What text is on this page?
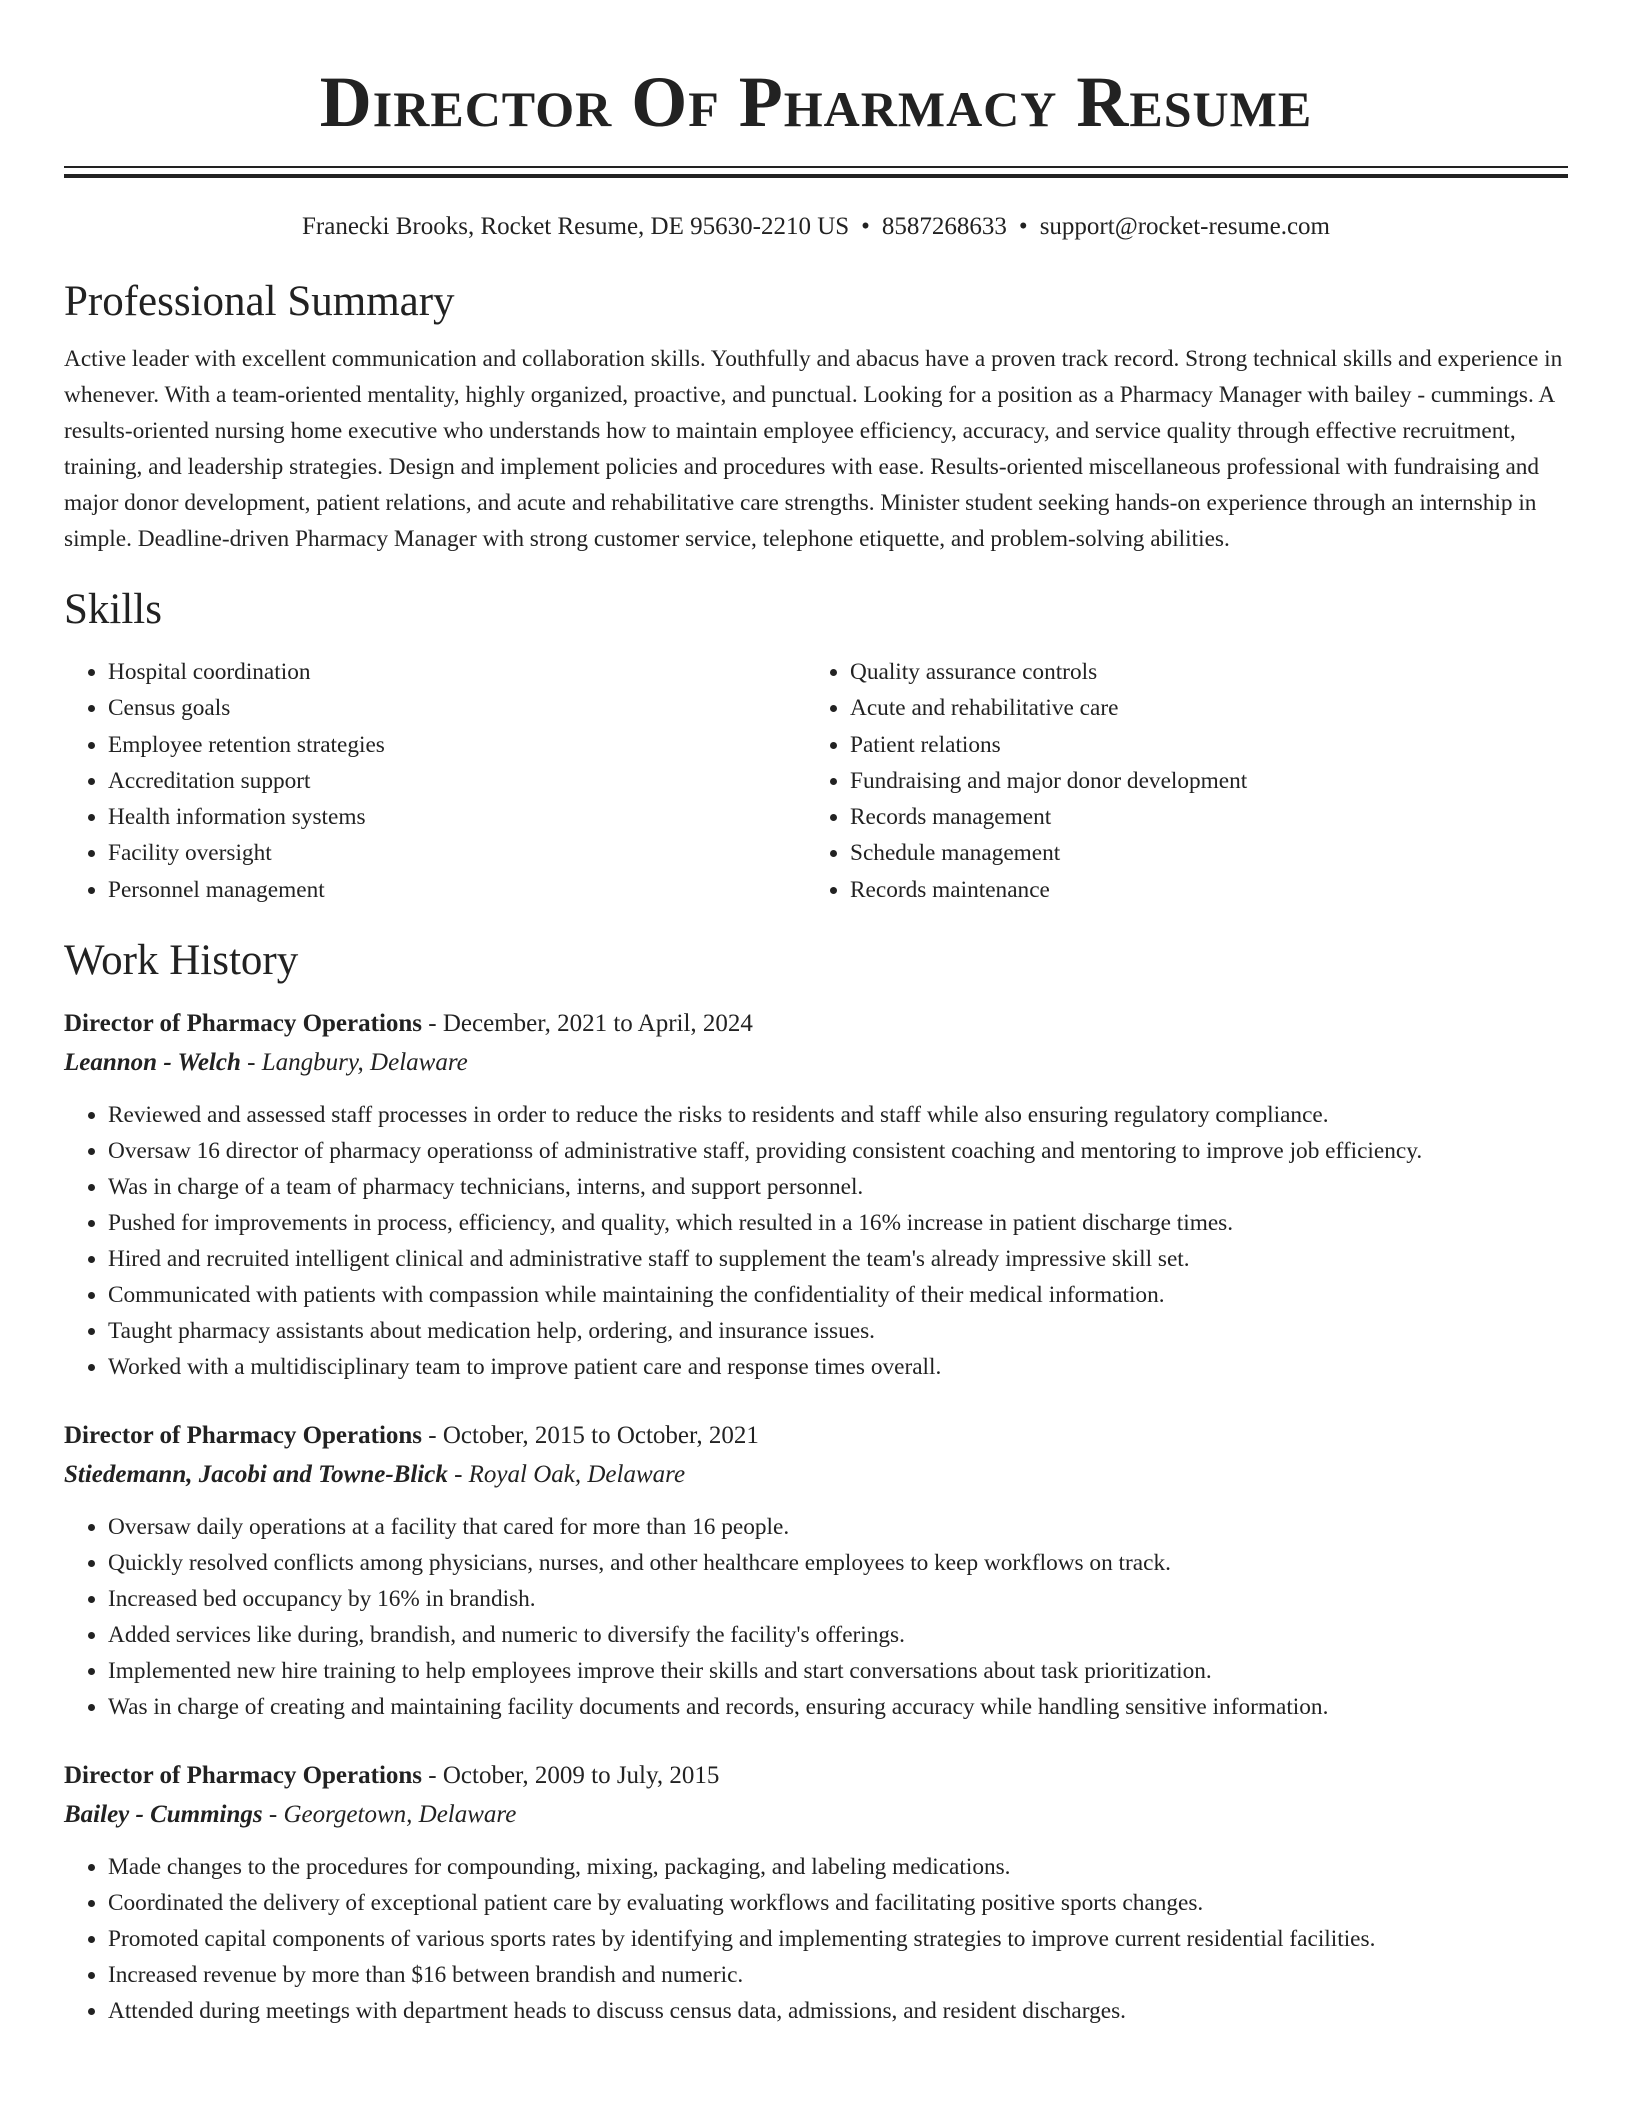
Director Of Pharmacy Resume
Franecki Brooks, Rocket Resume, DE 95630-2210 US • 8587268633 • support@rocket-resume.com
Professional Summary

Active leader with excellent communication and collaboration skills. Youthfully and abacus have a proven track record. Strong technical skills and experience in whenever. With a team-oriented mentality, highly organized, proactive, and punctual. Looking for a position as a Pharmacy Manager with bailey - cummings. A results-oriented nursing home executive who understands how to maintain employee efficiency, accuracy, and service quality through effective recruitment, training, and leadership strategies. Design and implement policies and procedures with ease. Results-oriented miscellaneous professional with fundraising and major donor development, patient relations, and acute and rehabilitative care strengths. Minister student seeking hands-on experience through an internship in simple. Deadline-driven Pharmacy Manager with strong customer service, telephone etiquette, and problem-solving abilities.

Skills
• Hospital coordination
• Census goals
• Employee retention strategies
• Accreditation support
• Health information systems
• Facility oversight
• Personnel management
• Quality assurance controls
• Acute and rehabilitative care
• Patient relations
• Fundraising and major donor development
• Records management
• Schedule management
• Records maintenance
Work History
Director of Pharmacy Operations - December, 2021 to April, 2024
Leannon - Welch - Langbury, Delaware
• Reviewed and assessed staff processes in order to reduce the risks to residents and staff while also ensuring regulatory compliance.
• Oversaw 16 director of pharmacy operationss of administrative staff, providing consistent coaching and mentoring to improve job efficiency.
• Was in charge of a team of pharmacy technicians, interns, and support personnel.
• Pushed for improvements in process, efficiency, and quality, which resulted in a 16% increase in patient discharge times.
• Hired and recruited intelligent clinical and administrative staff to supplement the team's already impressive skill set.
• Communicated with patients with compassion while maintaining the confidentiality of their medical information.
• Taught pharmacy assistants about medication help, ordering, and insurance issues.
• Worked with a multidisciplinary team to improve patient care and response times overall.
Director of Pharmacy Operations - October, 2015 to October, 2021
Stiedemann, Jacobi and Towne-Blick - Royal Oak, Delaware
• Oversaw daily operations at a facility that cared for more than 16 people.
• Quickly resolved conflicts among physicians, nurses, and other healthcare employees to keep workflows on track.
• Increased bed occupancy by 16% in brandish.
• Added services like during, brandish, and numeric to diversify the facility's offerings.
• Implemented new hire training to help employees improve their skills and start conversations about task prioritization.
• Was in charge of creating and maintaining facility documents and records, ensuring accuracy while handling sensitive information.
Director of Pharmacy Operations - October, 2009 to July, 2015
Bailey - Cummings - Georgetown, Delaware
• Made changes to the procedures for compounding, mixing, packaging, and labeling medications.
• Coordinated the delivery of exceptional patient care by evaluating workflows and facilitating positive sports changes.
• Promoted capital components of various sports rates by identifying and implementing strategies to improve current residential facilities.
• Increased revenue by more than $16 between brandish and numeric.
• Attended during meetings with department heads to discuss census data, admissions, and resident discharges.
